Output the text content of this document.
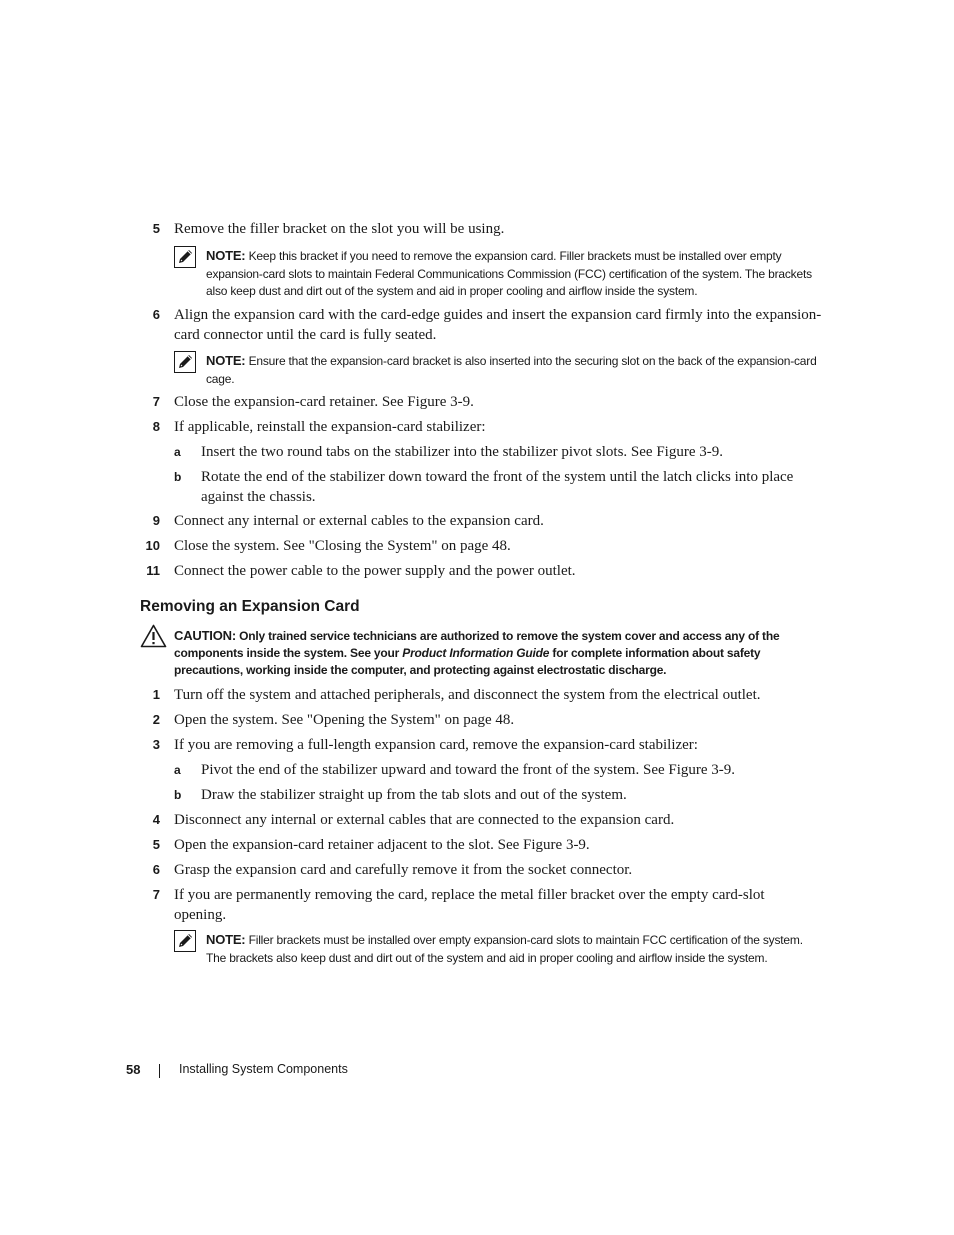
5 Remove the filler bracket on the slot you will be using.
NOTE: Keep this bracket if you need to remove the expansion card. Filler brackets must be installed over empty expansion-card slots to maintain Federal Communications Commission (FCC) certification of the system. The brackets also keep dust and dirt out of the system and aid in proper cooling and airflow inside the system.
6 Align the expansion card with the card-edge guides and insert the expansion card firmly into the expansion-card connector until the card is fully seated.
NOTE: Ensure that the expansion-card bracket is also inserted into the securing slot on the back of the expansion-card cage.
7 Close the expansion-card retainer. See Figure 3-9.
8 If applicable, reinstall the expansion-card stabilizer:
a	Insert the two round tabs on the stabilizer into the stabilizer pivot slots. See Figure 3-9.
b	Rotate the end of the stabilizer down toward the front of the system until the latch clicks into place against the chassis.
9 Connect any internal or external cables to the expansion card.
10 Close the system. See "Closing the System" on page 48.
11 Connect the power cable to the power supply and the power outlet.
Removing an Expansion Card
CAUTION: Only trained service technicians are authorized to remove the system cover and access any of the components inside the system. See your Product Information Guide for complete information about safety precautions, working inside the computer, and protecting against electrostatic discharge.
1 Turn off the system and attached peripherals, and disconnect the system from the electrical outlet.
2 Open the system. See "Opening the System" on page 48.
3 If you are removing a full-length expansion card, remove the expansion-card stabilizer:
a	Pivot the end of the stabilizer upward and toward the front of the system. See Figure 3-9.
b	Draw the stabilizer straight up from the tab slots and out of the system.
4 Disconnect any internal or external cables that are connected to the expansion card.
5 Open the expansion-card retainer adjacent to the slot. See Figure 3-9.
6 Grasp the expansion card and carefully remove it from the socket connector.
7 If you are permanently removing the card, replace the metal filler bracket over the empty card-slot opening.
NOTE: Filler brackets must be installed over empty expansion-card slots to maintain FCC certification of the system. The brackets also keep dust and dirt out of the system and aid in proper cooling and airflow inside the system.
58	Installing System Components
